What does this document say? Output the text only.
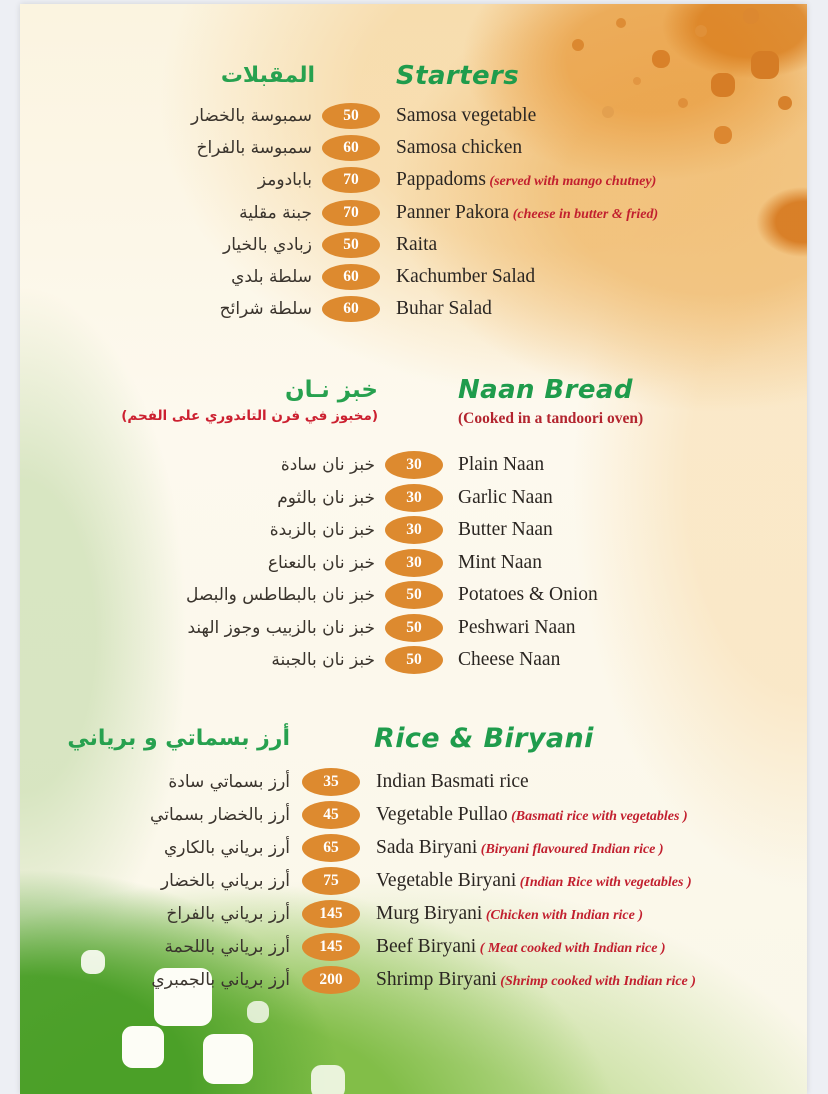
المقبلات	Starters
سمبوسة بالخضار	50	Samosa vegetable
سمبوسة بالفراخ	60	Samosa chicken
بابادومز	70	Pappadoms (served with mango chutney)
جبنة مقلية	70	Panner Pakora (cheese in butter & fried)
زبادي بالخيار	50	Raita
سلطة بلدي	60	Kachumber Salad
سلطة شرائح	60	Buhar Salad
خبز نـان	Naan Bread
(مخبوز في فرن التاندوري على الفحم)	(Cooked in a tandoori oven)
خبز نان سادة	30	Plain Naan
خبز نان بالثوم	30	Garlic Naan
خبز نان بالزبدة	30	Butter Naan
خبز نان بالنعناع	30	Mint Naan
خبز نان بالبطاطس والبصل	50	Potatoes & Onion
خبز نان بالزبيب وجوز الهند	50	Peshwari Naan
خبز نان بالجبنة	50	Cheese Naan
أرز بسماتي و برياني	Rice & Biryani
أرز بسماتي سادة	35	Indian Basmati rice
أرز بالخضار بسماتي	45	Vegetable Pullao (Basmati rice with vegetables )
أرز برياني بالكاري	65	Sada Biryani (Biryani flavoured Indian rice )
أرز برياني بالخضار	75	Vegetable Biryani (Indian Rice with vegetables )
أرز برياني بالفراخ	145	Murg Biryani (Chicken with Indian rice )
أرز برياني باللحمة	145	Beef Biryani ( Meat cooked with Indian rice )
أرز برياني بالجمبري	200	Shrimp Biryani (Shrimp cooked with Indian rice )
